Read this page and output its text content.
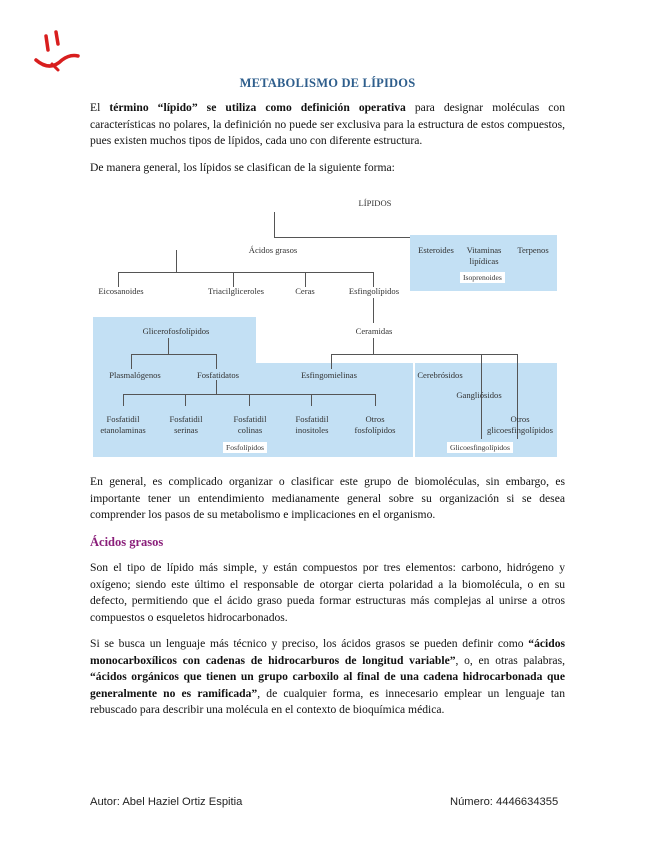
METABOLISMO DE LÍPIDOS
El término “lípido” se utiliza como definición operativa para designar moléculas con características no polares, la definición no puede ser exclusiva para la estructura de estos compuestos, pues existen muchos tipos de lípidos, cada uno con diferente estructura.
De manera general, los lípidos se clasifican de la siguiente forma:
LÍPIDOS
Ácidos grasos	Esteroides	Vitaminas lipídicas
Terpenos
Isoprenoides
Eicosanoides	Triacilgliceroles	Ceras	Esfingolípidos
Glicerofosfolípidos	Ceramidas
Plasmalógenos	Fosfatidatos	Esfingomielinas	Cerebrósidos
Gangliósidos
Otros glicoesfingolípidos
Fosfatidil etanolaminas
Fosfatidil serinas
Fosfatidil colinas
Fosfatidil inositoles
Otros fosfolípidos
Fosfolípidos	Glicoesfingolípidos
En general, es complicado organizar o clasificar este grupo de biomoléculas, sin embargo, es importante tener un entendimiento medianamente general sobre su organización si se desea comprender los pasos de su metabolismo e implicaciones en el organismo.
Ácidos grasos
Son el tipo de lípido más simple, y están compuestos por tres elementos: carbono, hidrógeno y oxígeno; siendo este último el responsable de otorgar cierta polaridad a la biomolécula, o en su defecto, permitiendo que el ácido graso pueda formar estructuras más complejas al unirse a otros compuestos o esqueletos hidrocarbonados.
Si se busca un lenguaje más técnico y preciso, los ácidos grasos se pueden definir como “ácidos monocarboxílicos con cadenas de hidrocarburos de longitud variable”, o, en otras palabras, “ácidos orgánicos que tienen un grupo carboxilo al final de una cadena hidrocarbonada que generalmente no es ramificada”, de cualquier forma, es innecesario emplear un lenguaje tan rebuscado para describir una molécula en el contexto de bioquímica médica.
Autor: Abel Haziel Ortiz Espitia	Número: 4446634355
